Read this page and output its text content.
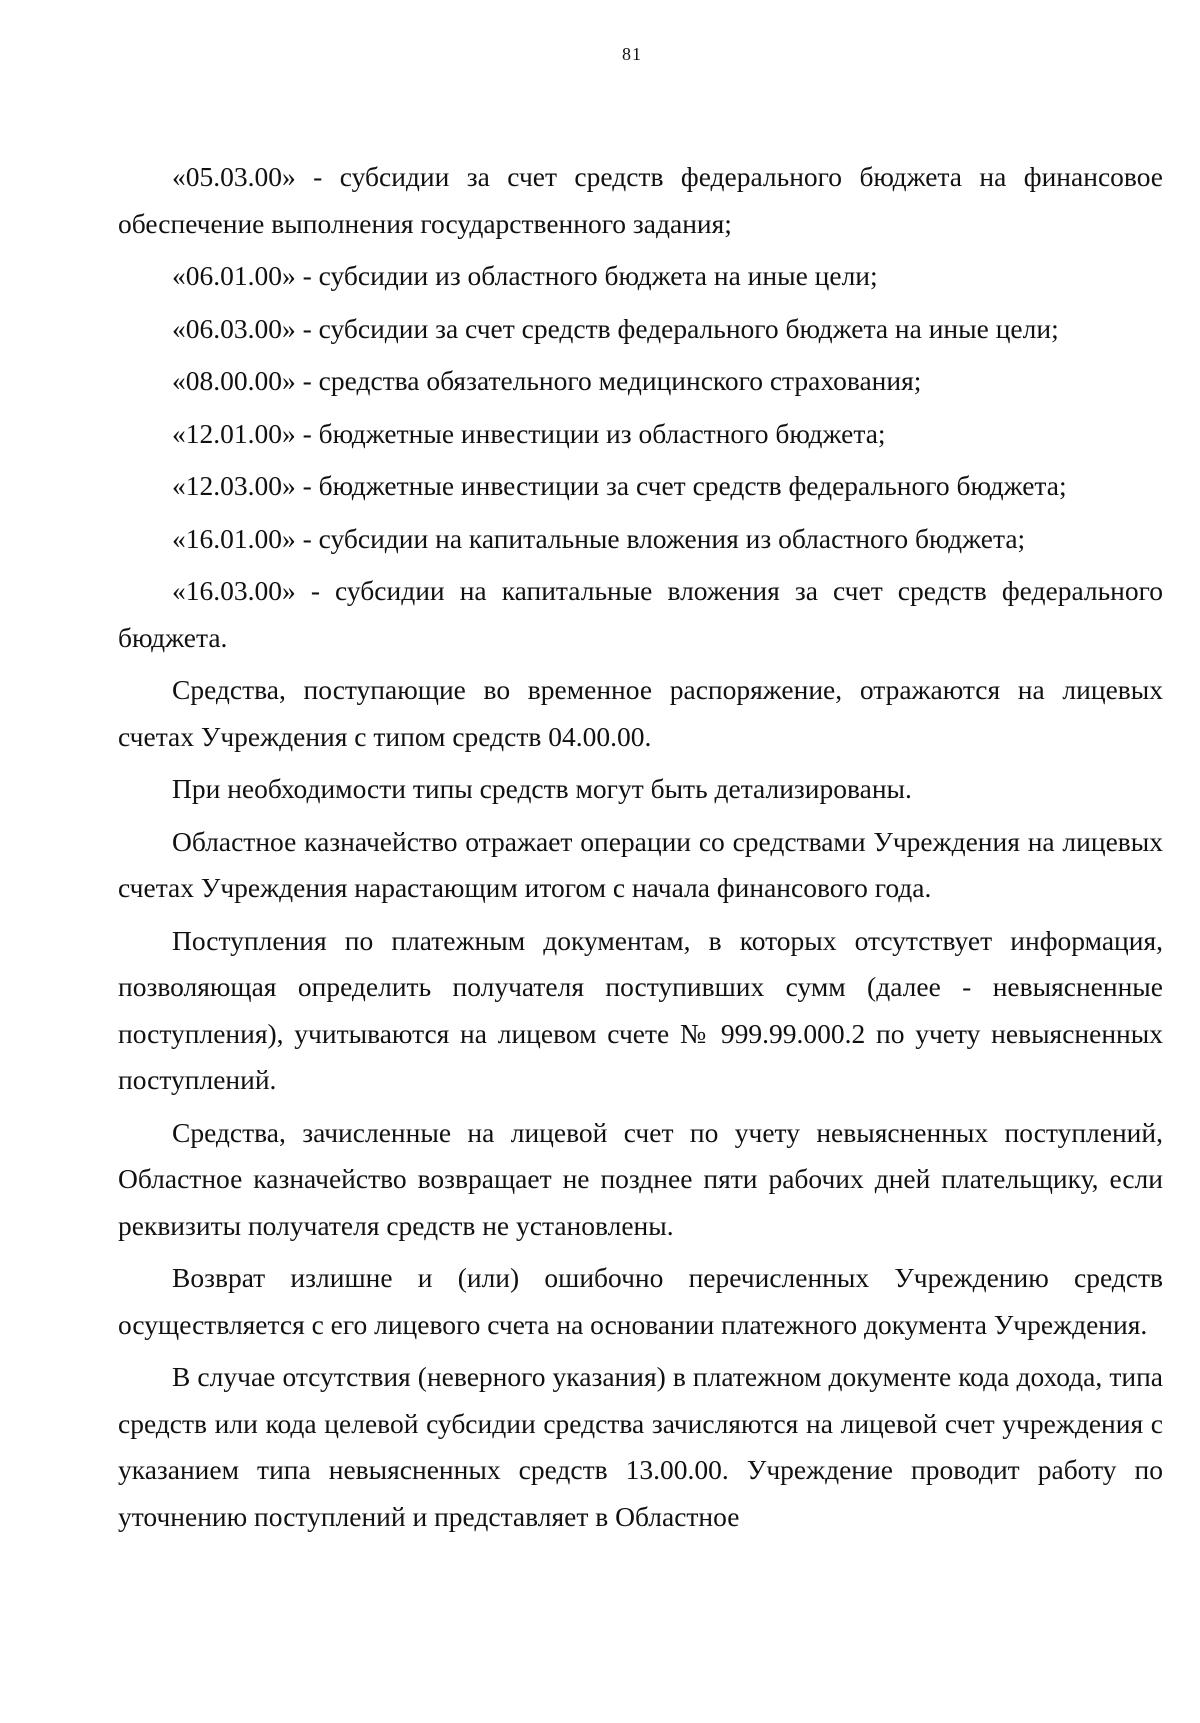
81

«05.03.00» - субсидии за счет средств федерального бюджета на финансовое обеспечение выполнения государственного задания;

«06.01.00» - субсидии из областного бюджета на иные цели;

«06.03.00» - субсидии за счет средств федерального бюджета на иные цели;

«08.00.00» - средства обязательного медицинского страхования;

«12.01.00» - бюджетные инвестиции из областного бюджета;

«12.03.00» - бюджетные инвестиции за счет средств федерального бюджета;

«16.01.00» - субсидии на капитальные вложения из областного бюджета;

«16.03.00» - субсидии на капитальные вложения за счет средств федерального бюджета.

Средства, поступающие во временное распоряжение, отражаются на лицевых счетах Учреждения с типом средств 04.00.00.

При необходимости типы средств могут быть детализированы.

Областное казначейство отражает операции со средствами Учреждения на лицевых счетах Учреждения нарастающим итогом с начала финансового года.

Поступления по платежным документам, в которых отсутствует информация, позволяющая определить получателя поступивших сумм (далее - невыясненные поступления), учитываются на лицевом счете № 999.99.000.2 по учету невыясненных поступлений.

Средства, зачисленные на лицевой счет по учету невыясненных поступлений, Областное казначейство возвращает не позднее пяти рабочих дней плательщику, если реквизиты получателя средств не установлены.

Возврат излишне и (или) ошибочно перечисленных Учреждению средств осуществляется с его лицевого счета на основании платежного документа Учреждения.

В случае отсутствия (неверного указания) в платежном документе кода дохода, типа средств или кода целевой субсидии средства зачисляются на лицевой счет учреждения с указанием типа невыясненных средств 13.00.00. Учреждение проводит работу по уточнению поступлений и представляет в Областное
